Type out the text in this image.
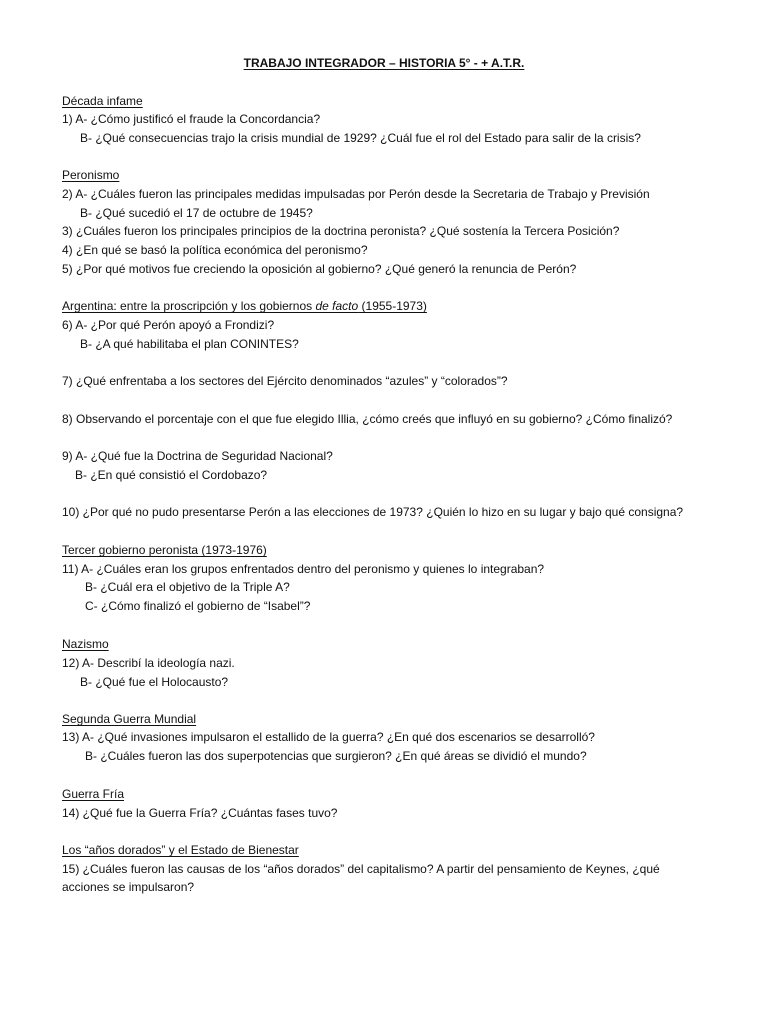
TRABAJO INTEGRADOR – HISTORIA 5° - + A.T.R.

Década infame

1) A- ¿Cómo justificó el fraude la Concordancia?

B- ¿Qué consecuencias trajo la crisis mundial de 1929? ¿Cuál fue el rol del Estado para salir de la crisis?

Peronismo

2) A- ¿Cuáles fueron las principales medidas impulsadas por Perón desde la Secretaria de Trabajo y Previsión

B- ¿Qué sucedió el 17 de octubre de 1945?

3) ¿Cuáles fueron los principales principios de la doctrina peronista? ¿Qué sostenía la Tercera Posición?

4) ¿En qué se basó la política económica del peronismo?

5) ¿Por qué motivos fue creciendo la oposición al gobierno? ¿Qué generó la renuncia de Perón?

Argentina: entre la proscripción y los gobiernos de facto (1955-1973)

6) A- ¿Por qué Perón apoyó a Frondizi?

B- ¿A qué habilitaba el plan CONINTES?

7) ¿Qué enfrentaba a los sectores del Ejército denominados “azules” y “colorados”?

8) Observando el porcentaje con el que fue elegido Illia, ¿cómo creés que influyó en su gobierno? ¿Cómo finalizó?

9) A- ¿Qué fue la Doctrina de Seguridad Nacional?

B- ¿En qué consistió el Cordobazo?

10) ¿Por qué no pudo presentarse Perón a las elecciones de 1973? ¿Quién lo hizo en su lugar y bajo qué consigna?

Tercer gobierno peronista (1973-1976)

11) A- ¿Cuáles eran los grupos enfrentados dentro del peronismo y quienes lo integraban?

B- ¿Cuál era el objetivo de la Triple A?

C- ¿Cómo finalizó el gobierno de “Isabel”?

Nazismo

12) A- Describí la ideología nazi.

B- ¿Qué fue el Holocausto?

Segunda Guerra Mundial

13) A- ¿Qué invasiones impulsaron el estallido de la guerra? ¿En qué dos escenarios se desarrolló?

B- ¿Cuáles fueron las dos superpotencias que surgieron? ¿En qué áreas se dividió el mundo?

Guerra Fría

14) ¿Qué fue la Guerra Fría? ¿Cuántas fases tuvo?

Los “años dorados” y el Estado de Bienestar

15) ¿Cuáles fueron las causas de los “años dorados” del capitalismo? A partir del pensamiento de Keynes, ¿qué

acciones se impulsaron?
